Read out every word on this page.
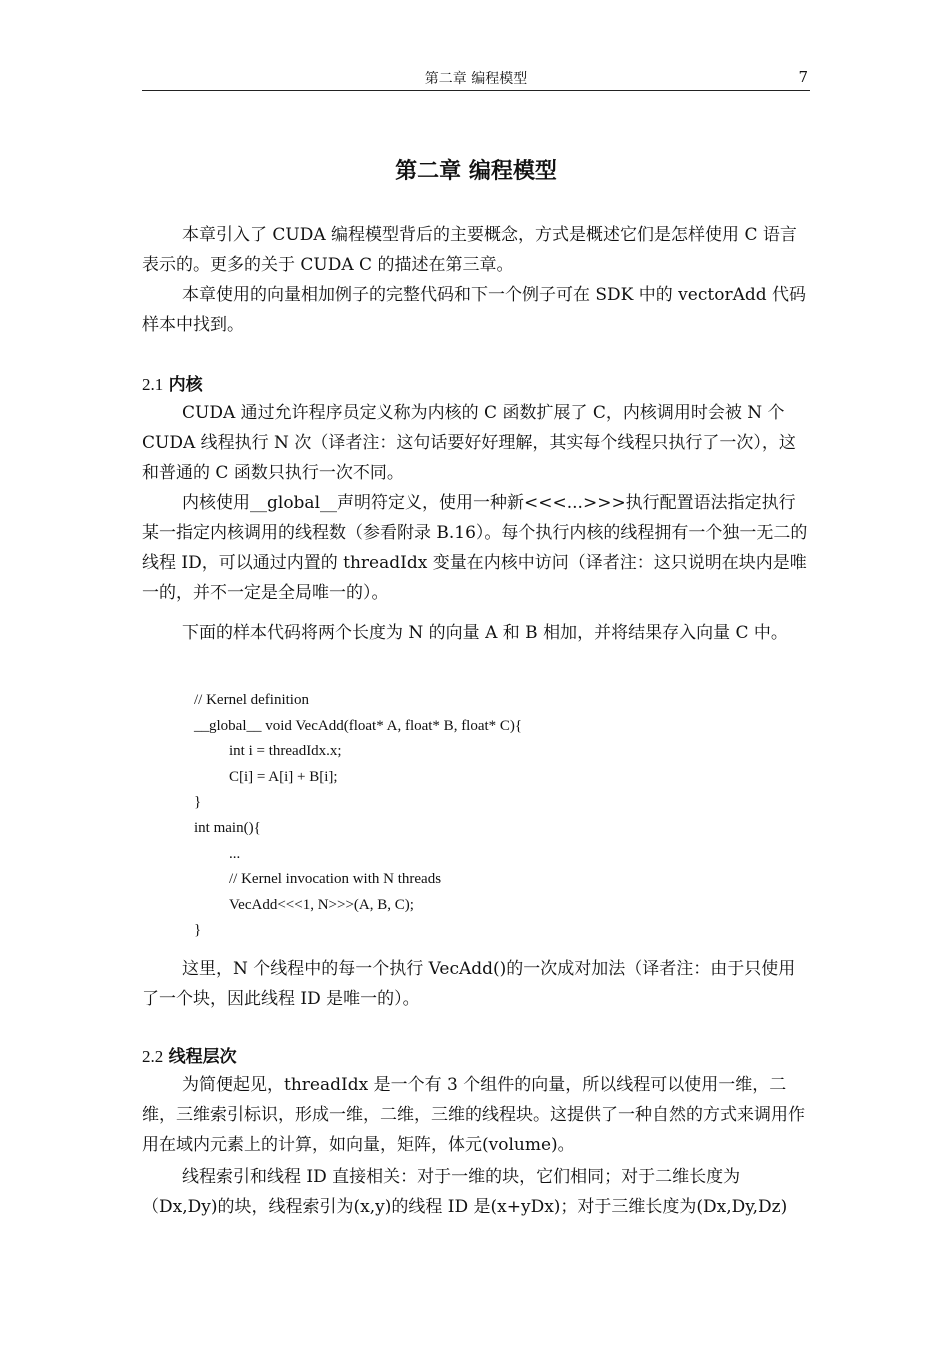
第二章 编程模型	7
第二章 编程模型

本章引入了 CUDA 编程模型背后的主要概念，方式是概述它们是怎样使用 C 语言表示的。更多的关于 CUDA C 的描述在第三章。

本章使用的向量相加例子的完整代码和下一个例子可在 SDK 中的 vectorAdd 代码样本中找到。

2.1 内核

CUDA 通过允许程序员定义称为内核的 C 函数扩展了 C，内核调用时会被 N 个 CUDA 线程执行 N 次（译者注：这句话要好好理解，其实每个线程只执行了一次），这和普通的 C 函数只执行一次不同。

内核使用__global__声明符定义，使用一种新<<<...>>>执行配置语法指定执行某一指定内核调用的线程数（参看附录 B.16）。每个执行内核的线程拥有一个独一无二的线程 ID，可以通过内置的 threadIdx 变量在内核中访问（译者注：这只说明在块内是唯一的，并不一定是全局唯一的）。

下面的样本代码将两个长度为 N 的向量 A 和 B 相加，并将结果存入向量 C 中。

// Kernel definition
__global__ void VecAdd(float* A, float* B, float* C){
int i = threadIdx.x;
C[i] = A[i] + B[i];
}
int main(){
...
// Kernel invocation with N threads
VecAdd<<<1, N>>>(A, B, C);
}

这里，N 个线程中的每一个执行 VecAdd()的一次成对加法（译者注：由于只使用了一个块，因此线程 ID 是唯一的）。

2.2 线程层次

为简便起见，threadIdx 是一个有 3 个组件的向量，所以线程可以使用一维，二维，三维索引标识，形成一维，二维，三维的线程块。这提供了一种自然的方式来调用作用在域内元素上的计算，如向量，矩阵，体元(volume)。

线程索引和线程 ID 直接相关：对于一维的块，它们相同；对于二维长度为（Dx,Dy)的块，线程索引为(x,y)的线程 ID 是(x+yDx)；对于三维长度为(Dx,Dy,Dz)
